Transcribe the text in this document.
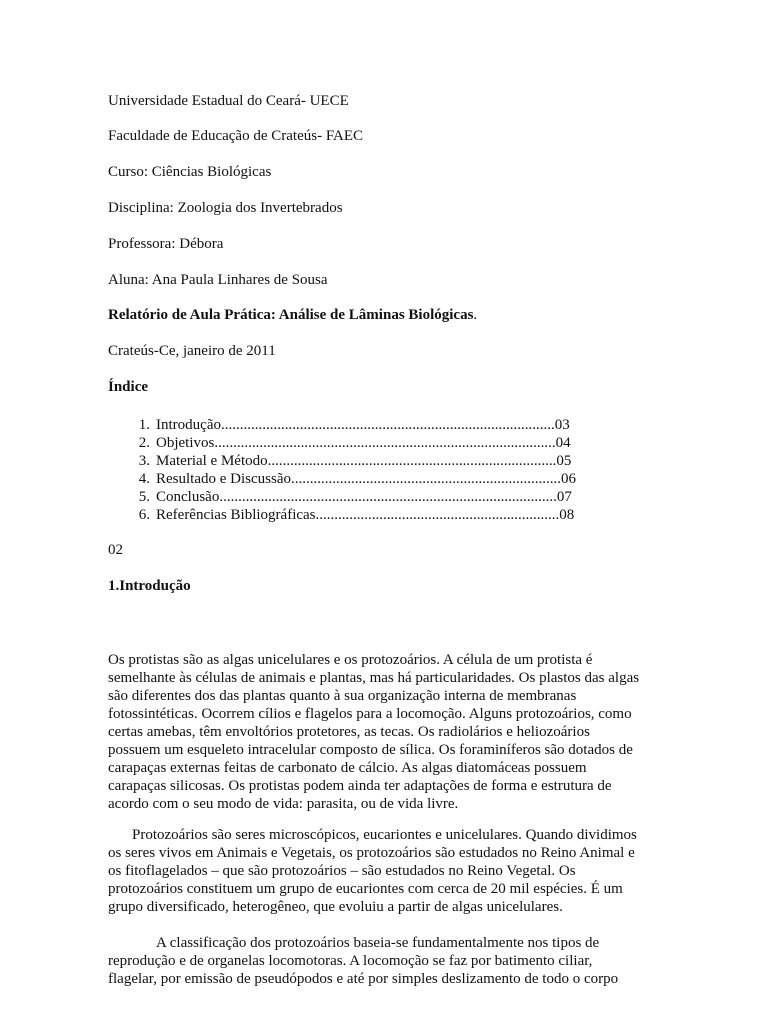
Universidade Estadual do Ceará- UECE
Faculdade de Educação de Crateús- FAEC
Curso: Ciências Biológicas
Disciplina: Zoologia dos Invertebrados
Professora: Débora
Aluna: Ana Paula Linhares de Sousa
Relatório de Aula Prática: Análise de Lâminas Biológicas.
Crateús-Ce, janeiro de 2011
Índice
1. Introdução.........................................................................................03
2. Objetivos...........................................................................................04
3. Material e Método.............................................................................05
4. Resultado e Discussão........................................................................06
5. Conclusão..........................................................................................07
6. Referências Bibliográficas.................................................................08
02
1.Introdução

Os protistas são as algas unicelulares e os protozoários. A célula de um protista é

semelhante às células de animais e plantas, mas há particularidades. Os plastos das algas

são diferentes dos das plantas quanto à sua organização interna de membranas

fotossintéticas. Ocorrem cílios e flagelos para a locomoção. Alguns protozoários, como

certas amebas, têm envoltórios protetores, as tecas. Os radiolários e heliozoários

possuem um esqueleto intracelular composto de sílica. Os foraminíferos são dotados de

carapaças externas feitas de carbonato de cálcio. As algas diatomáceas possuem

carapaças silicosas. Os protistas podem ainda ter adaptações de forma e estrutura de

acordo com o seu modo de vida: parasita, ou de vida livre.

Protozoários são seres microscópicos, eucariontes e unicelulares. Quando dividimos

os seres vivos em Animais e Vegetais, os protozoários são estudados no Reino Animal e

os fitoflagelados – que são protozoários – são estudados no Reino Vegetal. Os

protozoários constituem um grupo de eucariontes com cerca de 20 mil espécies. É um

grupo diversificado, heterogêneo, que evoluiu a partir de algas unicelulares.

A classificação dos protozoários baseia-se fundamentalmente nos tipos de

reprodução e de organelas locomotoras. A locomoção se faz por batimento ciliar,

flagelar, por emissão de pseudópodos e até por simples deslizamento de todo o corpo
